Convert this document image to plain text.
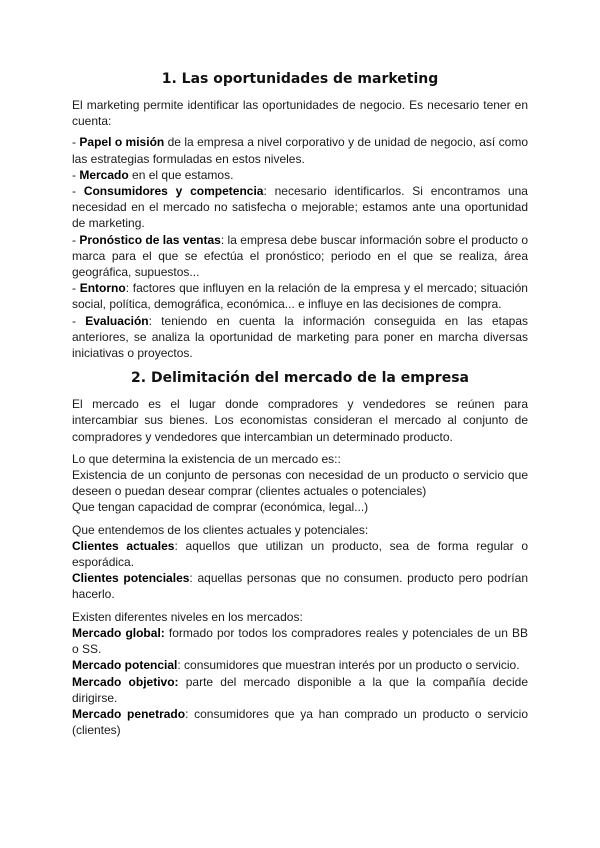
1. Las oportunidades de marketing

El marketing permite identificar las oportunidades de negocio. Es necesario tener en cuenta:

- Papel o misión de la empresa a nivel corporativo y de unidad de negocio, así como las estrategias formuladas en estos niveles.

- Mercado en el que estamos.

- Consumidores y competencia: necesario identificarlos. Si encontramos una necesidad en el mercado no satisfecha o mejorable; estamos ante una oportunidad de marketing.

- Pronóstico de las ventas: la empresa debe buscar información sobre el producto o marca para el que se efectúa el pronóstico; periodo en el que se realiza, área geográfica, supuestos...

- Entorno: factores que influyen en la relación de la empresa y el mercado; situación social, política, demográfica, económica... e influye en las decisiones de compra.

- Evaluación: teniendo en cuenta la información conseguida en las etapas anteriores, se analiza la oportunidad de marketing para poner en marcha diversas iniciativas o proyectos.

2. Delimitación del mercado de la empresa

El mercado es el lugar donde compradores y vendedores se reúnen para intercambiar sus bienes. Los economistas consideran el mercado al conjunto de compradores y vendedores que intercambian un determinado producto.

Lo que determina la existencia de un mercado es::

Existencia de un conjunto de personas con necesidad de un producto o servicio que deseen o puedan desear comprar (clientes actuales o potenciales)

Que tengan capacidad de comprar (económica, legal...)

Que entendemos de los clientes actuales y potenciales:

Clientes actuales: aquellos que utilizan un producto, sea de forma regular o esporádica.

Clientes potenciales: aquellas personas que no consumen. producto pero podrían hacerlo.

Existen diferentes niveles en los mercados:

Mercado global: formado por todos los compradores reales y potenciales de un BB o SS.

Mercado potencial: consumidores que muestran interés por un producto o servicio.

Mercado objetivo: parte del mercado disponible a la que la compañía decide dirigirse.

Mercado penetrado: consumidores que ya han comprado un producto o servicio (clientes)
